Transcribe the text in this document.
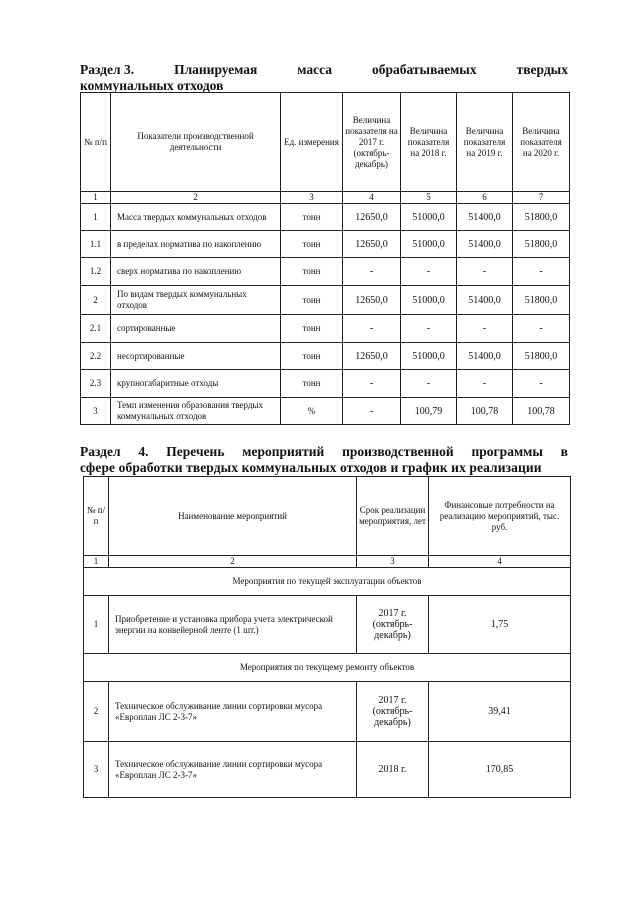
Раздел 3.	Планируемая	масса	обрабатываемых	твердых
коммунальных отходов
№ п/п	Показатели производственной деятельности	Ед. измерения	Величина показателя на 2017 г. (октябрь-декабрь)	Величина показателя на 2018 г.	Величина показателя на 2019 г.	Величина показателя на 2020 г.
1	2	3	4	5	6	7
1	Масса твердых коммунальных отходов	тонн	12650,0	51000,0	51400,0	51800,0
1.1	в пределах норматива по накоплению	тонн	12650,0	51000,0	51400,0	51800,0
1.2	сверх норматива по накоплению	тонн	-	-	-	-
2	По видам твердых коммунальных отходов	тонн	12650,0	51000,0	51400,0	51800,0
2.1	сортированные	тонн	-	-	-	-
2.2	несортированные	тонн	12650,0	51000,0	51400,0	51800,0
2.3	крупногабаритные отходы	тонн	-	-	-	-
3	Темп изменения образования твердых коммунальных отходов	%	-	100,79	100,78	100,78
Раздел 4. Перечень мероприятий производственной программы в
сфере обработки твердых коммунальных отходов и график их реализации
№ п/п	Наименование мероприятий	Срок реализации мероприятия, лет	Финансовые потребности на реализацию мероприятий, тыс. руб.
1	2	3	4
Мероприятия по текущей эксплуатации объектов			
1	Приобретение и установка прибора учета электрической энергии на конвейерной ленте (1 шт.)	2017 г. (октябрь-декабрь)	1,75
Мероприятия по текущему ремонту объектов			
2	Техническое обслуживание линии сортировки мусора «Европлан ЛС 2-3-7»	2017 г. (октябрь-декабрь)	39,41
3	Техническое обслуживание линии сортировки мусора «Европлан ЛС 2-3-7»	2018 г.	170,85
